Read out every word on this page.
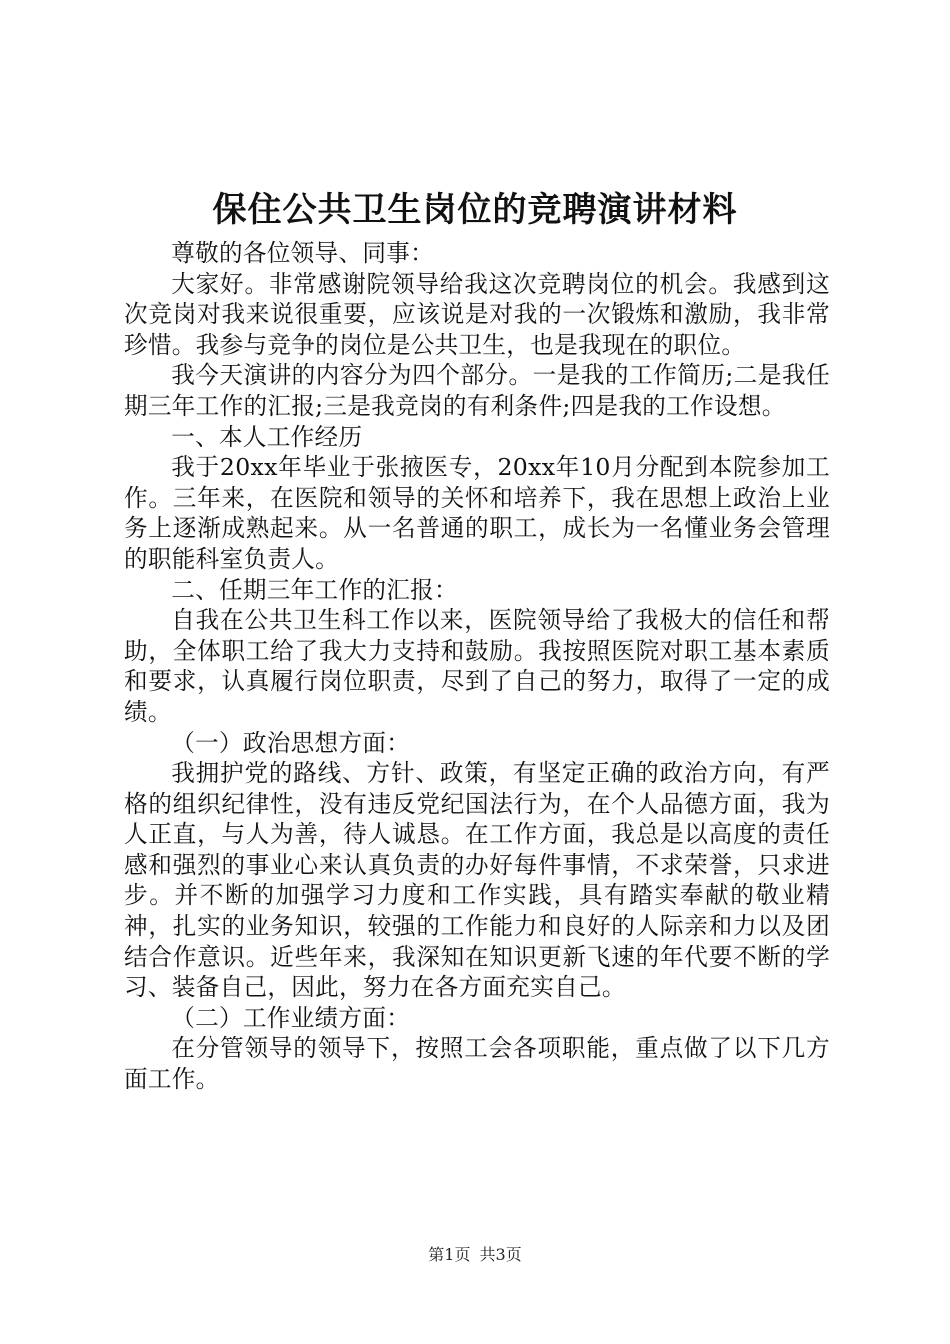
保住公共卫生岗位的竞聘演讲材料

尊敬的各位领导、同事：

大家好。非常感谢院领导给我这次竞聘岗位的机会。我感到这次竞岗对我来说很重要，应该说是对我的一次锻炼和激励，我非常珍惜。我参与竞争的岗位是公共卫生，也是我现在的职位。

我今天演讲的内容分为四个部分。一是我的工作简历;二是我任期三年工作的汇报;三是我竞岗的有利条件;四是我的工作设想。

一、本人工作经历

我于20xx年毕业于张掖医专，20xx年10月分配到本院参加工作。三年来，在医院和领导的关怀和培养下，我在思想上政治上业务上逐渐成熟起来。从一名普通的职工，成长为一名懂业务会管理的职能科室负责人。

二、任期三年工作的汇报：

自我在公共卫生科工作以来，医院领导给了我极大的信任和帮助，全体职工给了我大力支持和鼓励。我按照医院对职工基本素质和要求，认真履行岗位职责，尽到了自己的努力，取得了一定的成绩。

（一）政治思想方面：

我拥护党的路线、方针、政策，有坚定正确的政治方向，有严格的组织纪律性，没有违反党纪国法行为，在个人品德方面，我为人正直，与人为善，待人诚恳。在工作方面，我总是以高度的责任感和强烈的事业心来认真负责的办好每件事情，不求荣誉，只求进步。并不断的加强学习力度和工作实践，具有踏实奉献的敬业精神，扎实的业务知识，较强的工作能力和良好的人际亲和力以及团结合作意识。近些年来，我深知在知识更新飞速的年代要不断的学习、装备自己，因此，努力在各方面充实自己。

（二）工作业绩方面：

在分管领导的领导下，按照工会各项职能，重点做了以下几方面工作。

第1页 共3页
